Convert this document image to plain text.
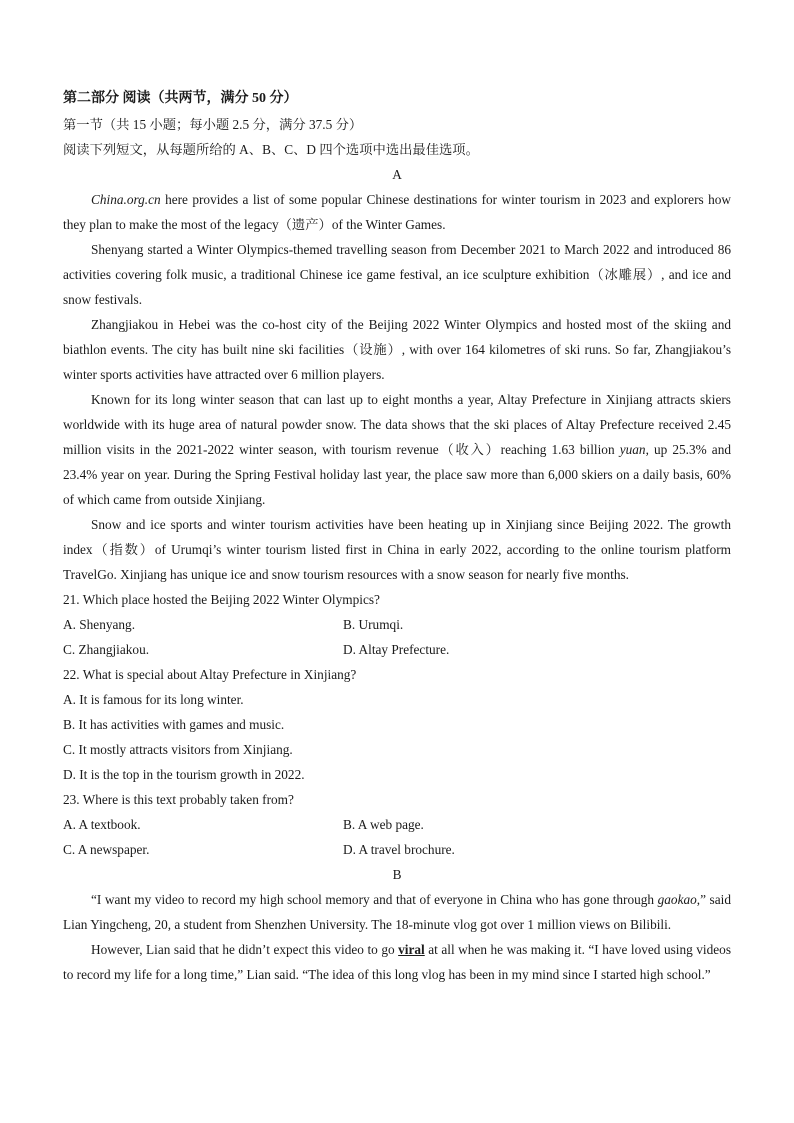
第二部分 阅读（共两节，满分 50 分）
第一节（共 15 小题；每小题 2.5 分，满分 37.5 分）
阅读下列短文，从每题所给的 A、B、C、D 四个选项中选出最佳选项。
A

China.org.cn here provides a list of some popular Chinese destinations for winter tourism in 2023 and explorers how they plan to make the most of the legacy（遗产）of the Winter Games.

Shenyang started a Winter Olympics-themed travelling season from December 2021 to March 2022 and introduced 86 activities covering folk music, a traditional Chinese ice game festival, an ice sculpture exhibition（冰雕展）, and ice and snow festivals.

Zhangjiakou in Hebei was the co-host city of the Beijing 2022 Winter Olympics and hosted most of the skiing and biathlon events. The city has built nine ski facilities（设施）, with over 164 kilometres of ski runs. So far, Zhangjiakou’s winter sports activities have attracted over 6 million players.

Known for its long winter season that can last up to eight months a year, Altay Prefecture in Xinjiang attracts skiers worldwide with its huge area of natural powder snow. The data shows that the ski places of Altay Prefecture received 2.45 million visits in the 2021-2022 winter season, with tourism revenue（收入）reaching 1.63 billion yuan, up 25.3% and 23.4% year on year. During the Spring Festival holiday last year, the place saw more than 6,000 skiers on a daily basis, 60% of which came from outside Xinjiang.

Snow and ice sports and winter tourism activities have been heating up in Xinjiang since Beijing 2022. The growth index（指数）of Urumqi’s winter tourism listed first in China in early 2022, according to the online tourism platform TravelGo. Xinjiang has unique ice and snow tourism resources with a snow season for nearly five months.

21. Which place hosted the Beijing 2022 Winter Olympics?
A. Shenyang.	B. Urumqi.
C. Zhangjiakou.	D. Altay Prefecture.
22. What is special about Altay Prefecture in Xinjiang?
A. It is famous for its long winter.
B. It has activities with games and music.
C. It mostly attracts visitors from Xinjiang.
D. It is the top in the tourism growth in 2022.
23. Where is this text probably taken from?
A. A textbook.	B. A web page.
C. A newspaper.	D. A travel brochure.
B

“I want my video to record my high school memory and that of everyone in China who has gone through gaokao,” said Lian Yingcheng, 20, a student from Shenzhen University. The 18-minute vlog got over 1 million views on Bilibili.

However, Lian said that he didn’t expect this video to go viral at all when he was making it. “I have loved using videos to record my life for a long time,” Lian said. “The idea of this long vlog has been in my mind since I started high school.”
